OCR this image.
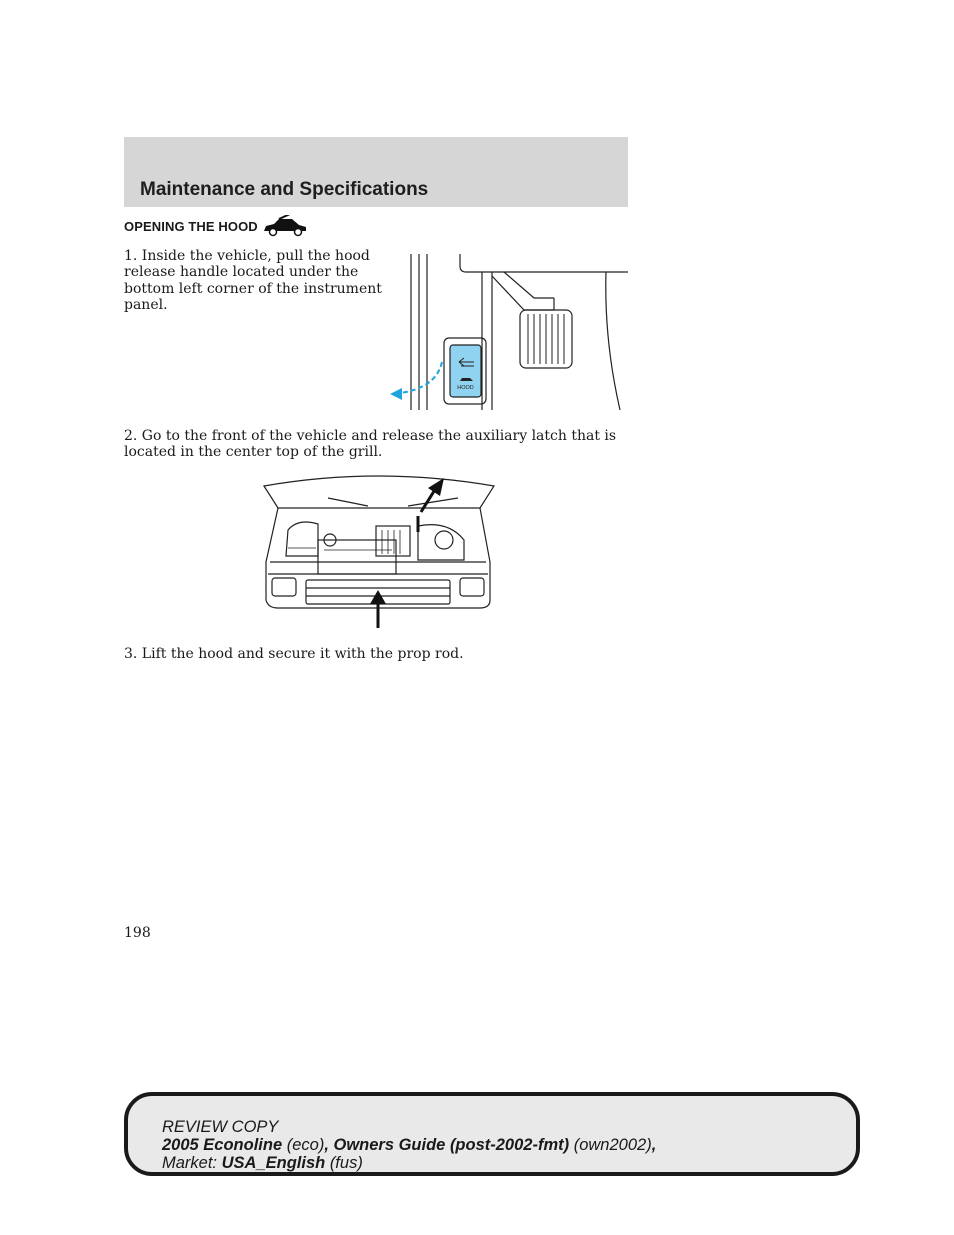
Maintenance and Specifications
OPENING THE HOOD

1. Inside the vehicle, pull the hood release handle located under the bottom left corner of the instrument panel.

HOOD

2. Go to the front of the vehicle and release the auxiliary latch that is located in the center top of the grill.

3. Lift the hood and secure it with the prop rod.

198

REVIEW COPY
2005 Econoline (eco), Owners Guide (post-2002-fmt) (own2002),
Market: USA_English (fus)
